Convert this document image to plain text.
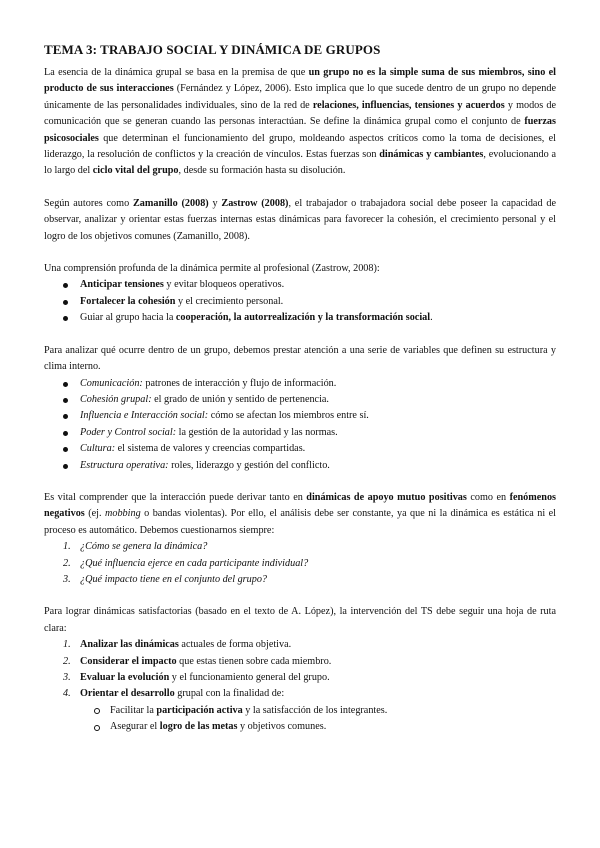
TEMA 3: TRABAJO SOCIAL Y DINÁMICA DE GRUPOS

La esencia de la dinámica grupal se basa en la premisa de que un grupo no es la simple suma de sus miembros, sino el producto de sus interacciones (Fernández y López, 2006). Esto implica que lo que sucede dentro de un grupo no depende únicamente de las personalidades individuales, sino de la red de relaciones, influencias, tensiones y acuerdos y modos de comunicación que se generan cuando las personas interactúan. Se define la dinámica grupal como el conjunto de fuerzas psicosociales que determinan el funcionamiento del grupo, moldeando aspectos críticos como la toma de decisiones, el liderazgo, la resolución de conflictos y la creación de vínculos. Estas fuerzas son dinámicas y cambiantes, evolucionando a lo largo del ciclo vital del grupo, desde su formación hasta su disolución.

Según autores como Zamanillo (2008) y Zastrow (2008), el trabajador o trabajadora social debe poseer la capacidad de observar, analizar y orientar estas fuerzas internas estas dinámicas para favorecer la cohesión, el crecimiento personal y el logro de los objetivos comunes (Zamanillo, 2008).

Una comprensión profunda de la dinámica permite al profesional (Zastrow, 2008):

Anticipar tensiones y evitar bloqueos operativos.
Fortalecer la cohesión y el crecimiento personal.
Guiar al grupo hacia la cooperación, la autorrealización y la transformación social.

Para analizar qué ocurre dentro de un grupo, debemos prestar atención a una serie de variables que definen su estructura y clima interno.

Comunicación: patrones de interacción y flujo de información.
Cohesión grupal: el grado de unión y sentido de pertenencia.
Influencia e Interacción social: cómo se afectan los miembros entre sí.
Poder y Control social: la gestión de la autoridad y las normas.
Cultura: el sistema de valores y creencias compartidas.
Estructura operativa: roles, liderazgo y gestión del conflicto.

Es vital comprender que la interacción puede derivar tanto en dinámicas de apoyo mutuo positivas como en fenómenos negativos (ej. mobbing o bandas violentas). Por ello, el análisis debe ser constante, ya que ni la dinámica es estática ni el proceso es automático. Debemos cuestionarnos siempre:

1. ¿Cómo se genera la dinámica?
2. ¿Qué influencia ejerce en cada participante individual?
3. ¿Qué impacto tiene en el conjunto del grupo?

Para lograr dinámicas satisfactorias (basado en el texto de A. López), la intervención del TS debe seguir una hoja de ruta clara:

1. Analizar las dinámicas actuales de forma objetiva.
2. Considerar el impacto que estas tienen sobre cada miembro.
3. Evaluar la evolución y el funcionamiento general del grupo.
4. Orientar el desarrollo grupal con la finalidad de:
Facilitar la participación activa y la satisfacción de los integrantes.
Asegurar el logro de las metas y objetivos comunes.
